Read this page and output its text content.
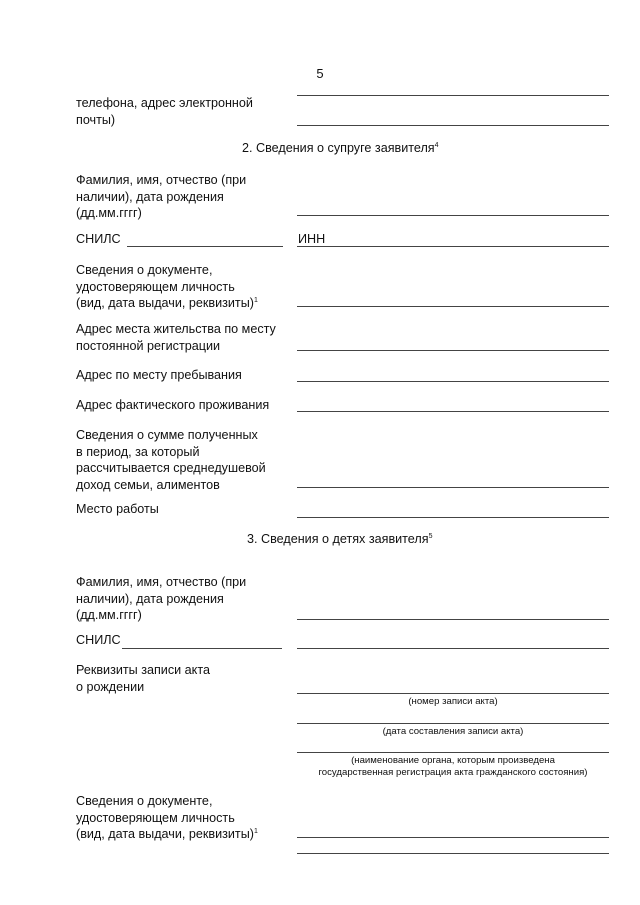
5
телефона, адрес электронной
почты)
2. Сведения о супруге заявителя$^4$
Фамилия, имя, отчество (при
наличии), дата рождения
(дд.мм.гггг)
СНИЛС	ИНН
Сведения о документе,
удостоверяющем личность
(вид, дата выдачи, реквизиты)$^1$
Адрес места жительства по месту
постоянной регистрации
Адрес по месту пребывания
Адрес фактического проживания
Сведения о сумме полученных
в период, за который
рассчитывается среднедушевой
доход семьи, алиментов
Место работы
3. Сведения о детях заявителя$^5$
Фамилия, имя, отчество (при
наличии), дата рождения
(дд.мм.гггг)
СНИЛС
Реквизиты записи акта
о рождении
(номер записи акта)
(дата составления записи акта)
(наименование органа, которым произведена
государственная регистрация акта гражданского состояния)
Сведения о документе,
удостоверяющем личность
(вид, дата выдачи, реквизиты)$^1$
